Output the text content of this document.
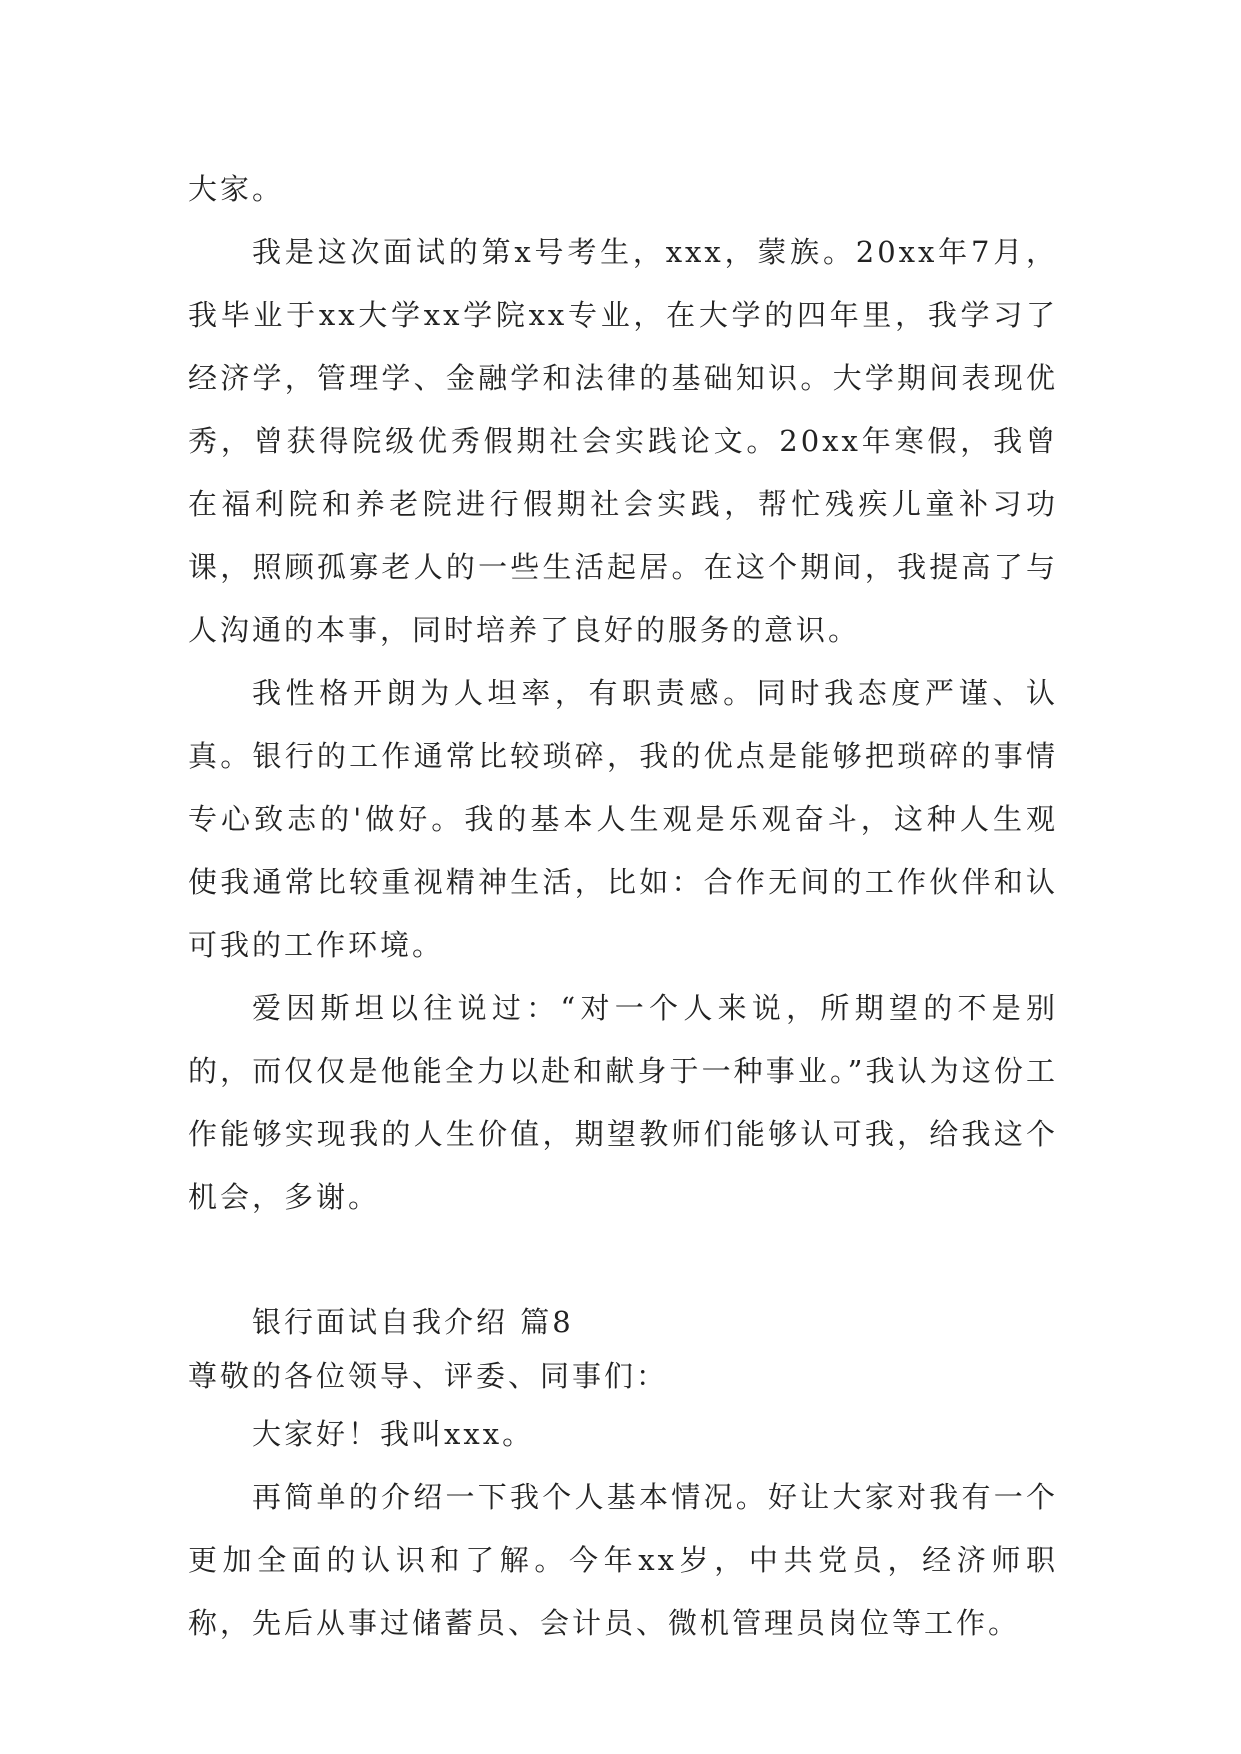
大家。

我是这次面试的第x号考生，xxx，蒙族。20xx年7月，我毕业于xx大学xx学院xx专业，在大学的四年里，我学习了经济学，管理学、金融学和法律的基础知识。大学期间表现优秀，曾获得院级优秀假期社会实践论文。20xx年寒假，我曾在福利院和养老院进行假期社会实践，帮忙残疾儿童补习功课，照顾孤寡老人的一些生活起居。在这个期间，我提高了与人沟通的本事，同时培养了良好的服务的意识。

我性格开朗为人坦率，有职责感。同时我态度严谨、认真。银行的工作通常比较琐碎，我的优点是能够把琐碎的事情专心致志的'做好。我的基本人生观是乐观奋斗，这种人生观使我通常比较重视精神生活，比如：合作无间的工作伙伴和认可我的工作环境。

爱因斯坦以往说过：“对一个人来说，所期望的不是别的，而仅仅是他能全力以赴和献身于一种事业。”我认为这份工作能够实现我的人生价值，期望教师们能够认可我，给我这个机会，多谢。

银行面试自我介绍 篇8

尊敬的各位领导、评委、同事们：

大家好！我叫xxx。

再简单的介绍一下我个人基本情况。好让大家对我有一个更加全面的认识和了解。今年xx岁，中共党员，经济师职称，先后从事过储蓄员、会计员、微机管理员岗位等工作。
